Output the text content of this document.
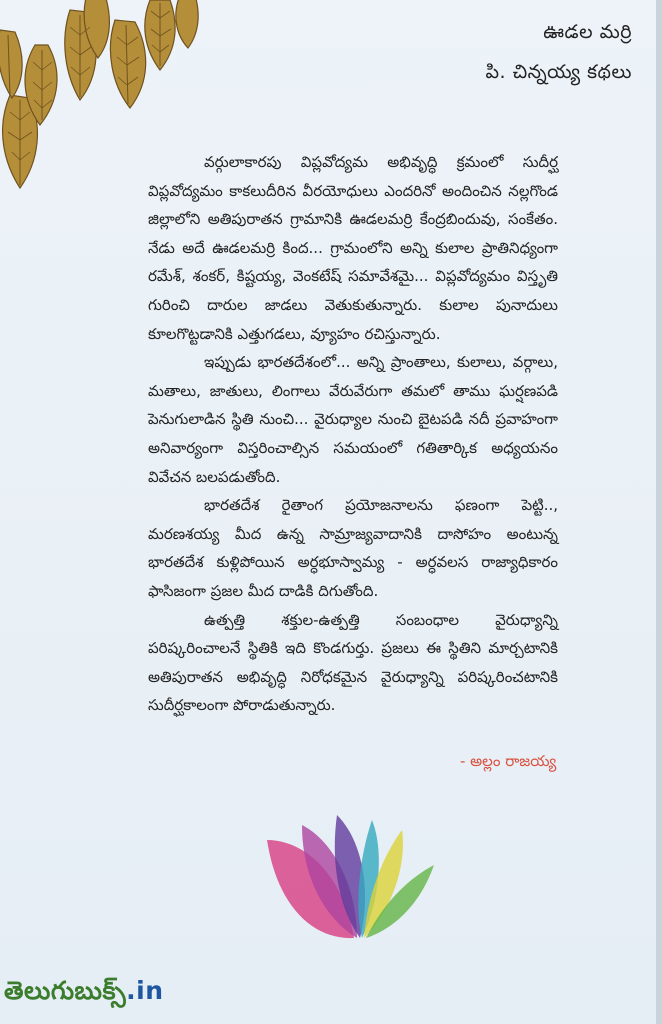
ఊడల మర్రి
పి. చిన్నయ్య కథలు

వర్గులాకారపు విప్లవోద్యమ అభివృద్ధి క్రమంలో సుదీర్ఘ విప్లవోద్యమం కాకలుదీరిన వీరయోధులు ఎందరినో అందించిన నల్లగొండ జిల్లాలోని అతిపురాతన గ్రామానికి ఊడలమర్రి కేంద్రబిందువు, సంకేతం. నేడు అదే ఊడలమర్రి కింద... గ్రామంలోని అన్ని కులాల ప్రాతినిధ్యంగా రమేశ్, శంకర్, కిష్టయ్య, వెంకటేష్ సమావేశమై... విప్లవోద్యమం విస్తృతి గురించి దారుల జాడలు వెతుకుతున్నారు. కులాల పునాదులు కూలగొట్టడానికి ఎత్తుగడలు, వ్యూహం రచిస్తున్నారు.

ఇప్పుడు భారతదేశంలో... అన్ని ప్రాంతాలు, కులాలు, వర్గాలు, మతాలు, జాతులు, లింగాలు వేరువేరుగా తమలో తాము ఘర్షణపడి పెనుగులాడిన స్థితి నుంచి... వైరుధ్యాల నుంచి బైటపడి నదీ ప్రవాహంగా అనివార్యంగా విస్తరించాల్సిన సమయంలో గతితార్కిక అధ్యయనం వివేచన బలపడుతోంది.

భారతదేశ రైతాంగ ప్రయోజనాలను ఫణంగా పెట్టి.., మరణశయ్య మీద ఉన్న సామ్రాజ్యవాదానికి దాసోహం అంటున్న భారతదేశ కుళ్లిపోయిన అర్ధభూస్వామ్య - అర్ధవలస రాజ్యాధికారం ఫాసిజంగా ప్రజల మీద దాడికి దిగుతోంది.

ఉత్పత్తి శక్తుల-ఉత్పత్తి సంబంధాల వైరుధ్యాన్ని పరిష్కరించాలనే స్థితికి ఇది కొండగుర్తు. ప్రజలు ఈ స్థితిని మార్చటానికి అతిపురాతన అభివృద్ధి నిరోధకమైన వైరుధ్యాన్ని పరిష్కరించటానికి సుదీర్ఘకాలంగా పోరాడుతున్నారు.

- అల్లం రాజయ్య
తెలుగుబుక్స్.in
